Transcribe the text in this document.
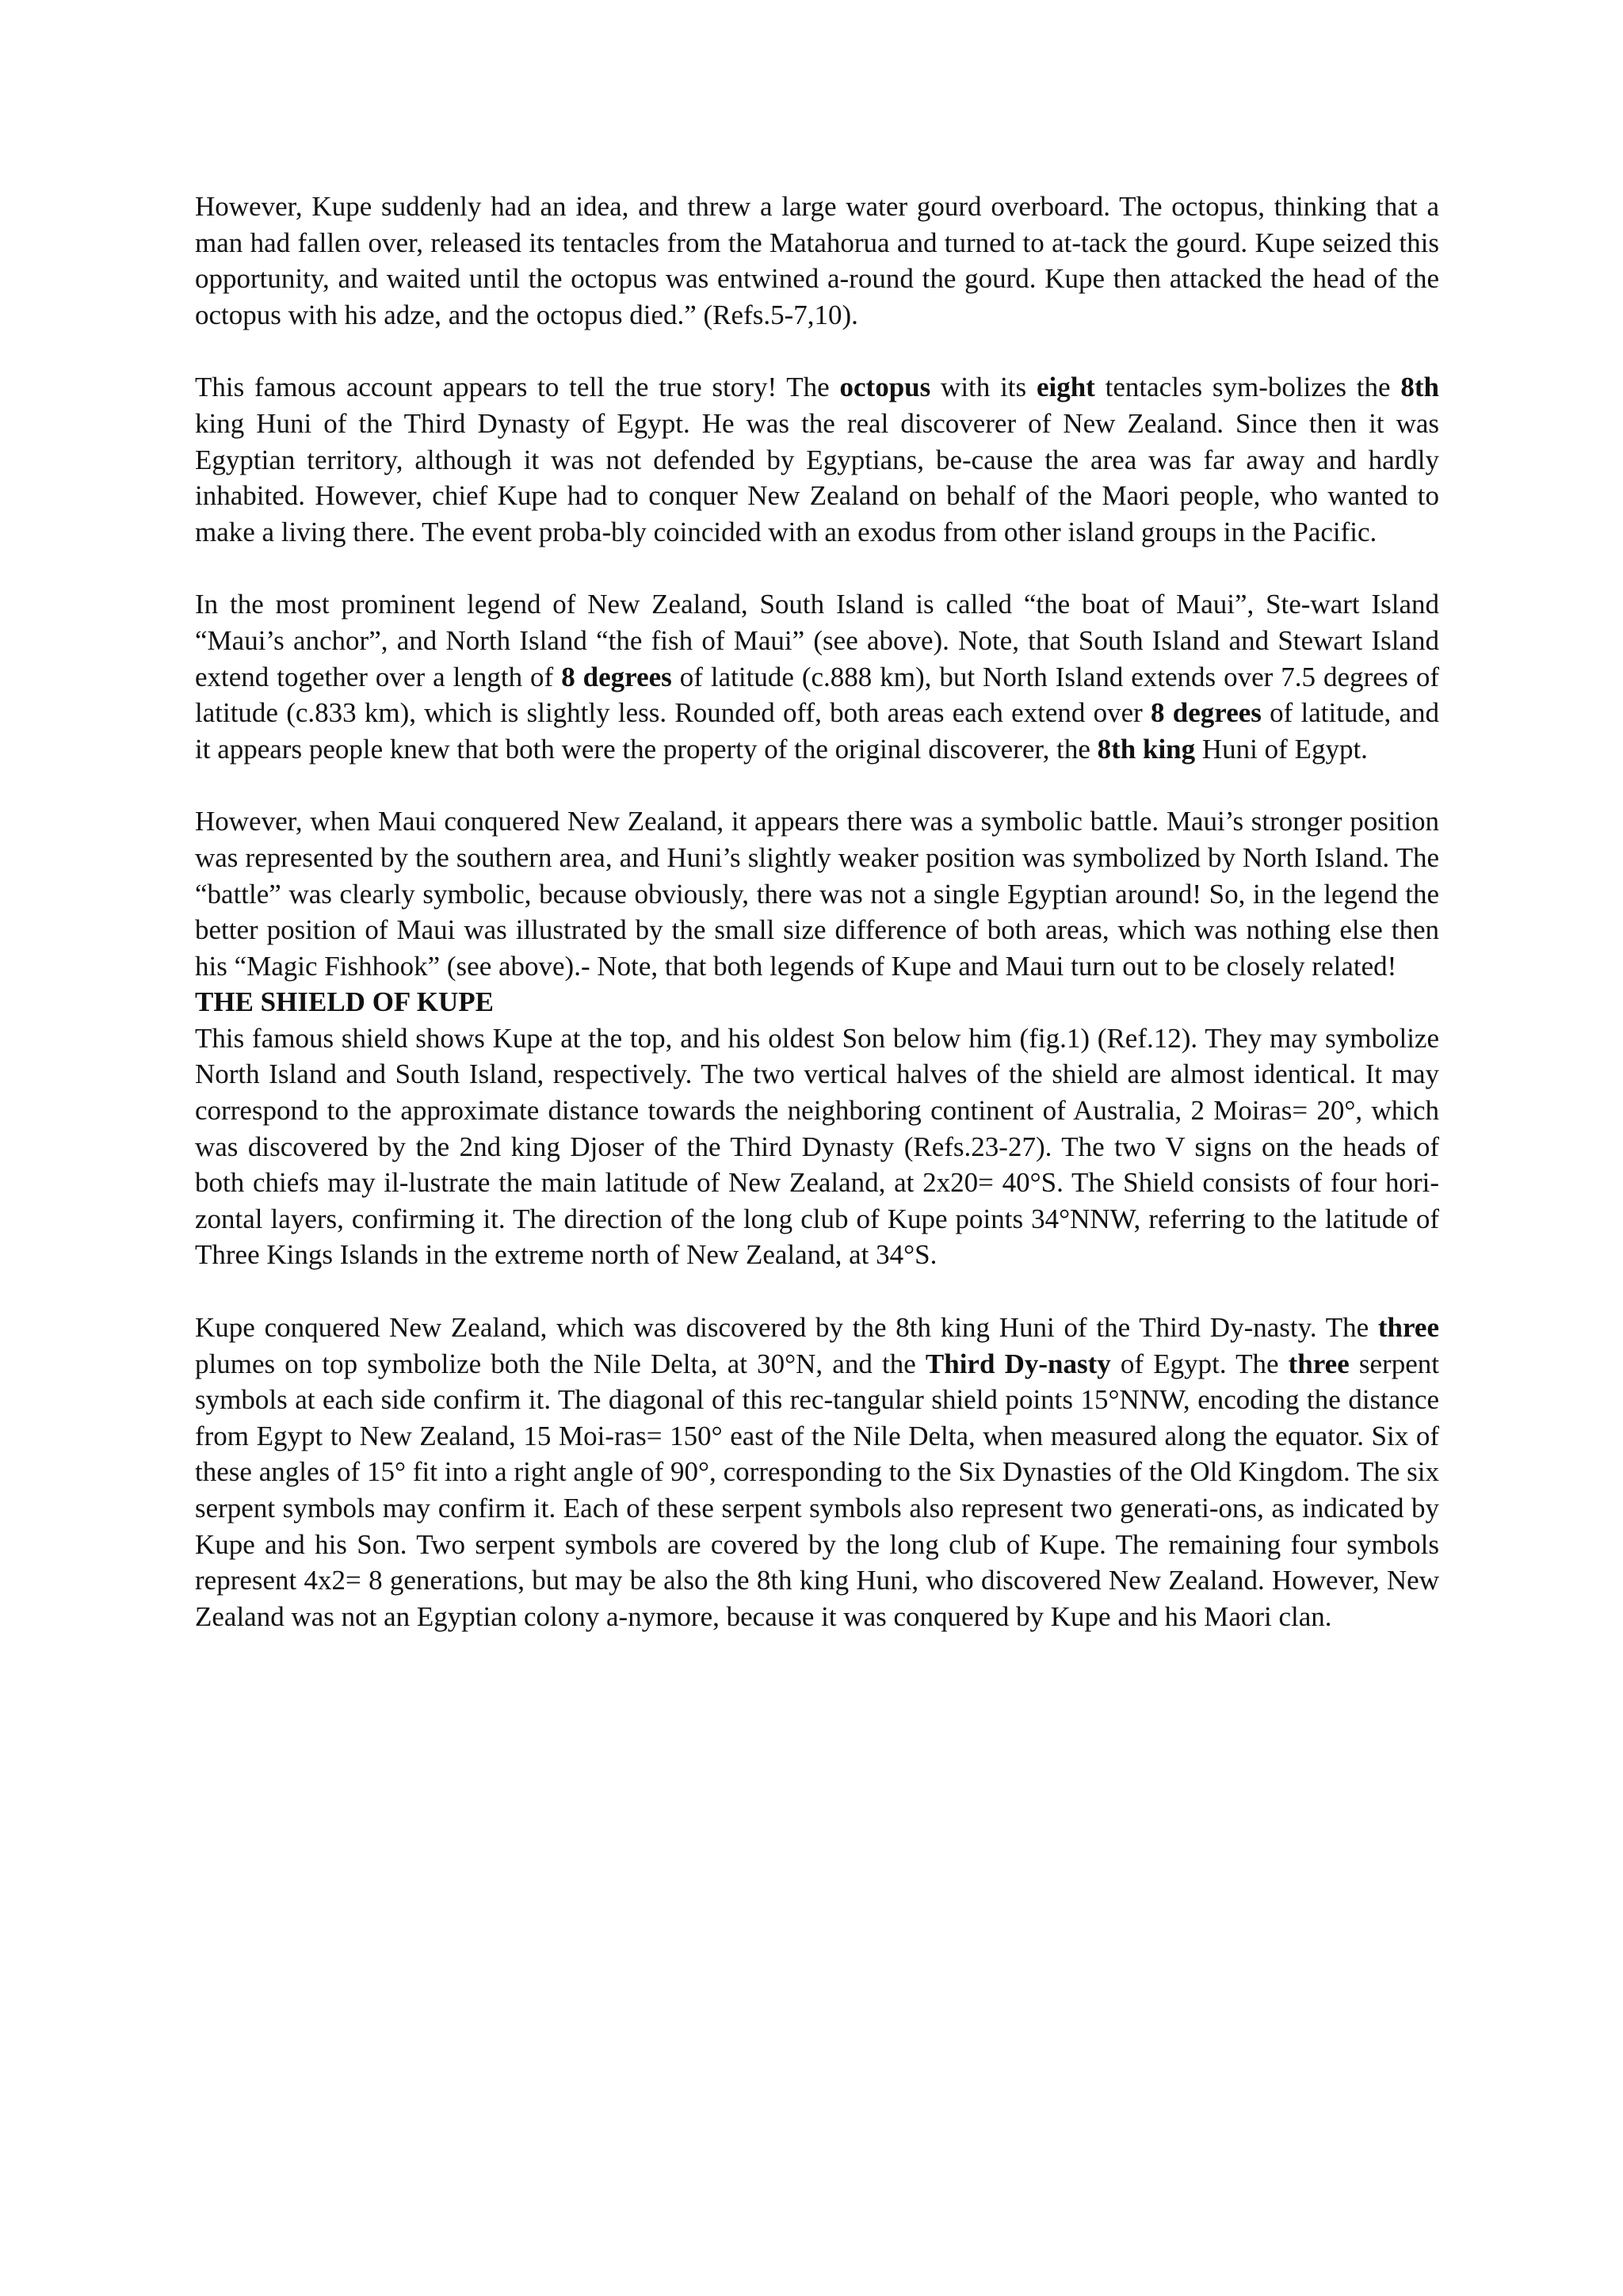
However, Kupe suddenly had an idea, and threw a large water gourd overboard. The octopus, thinking that a man had fallen over, released its tentacles from the Matahorua and turned to at-tack the gourd. Kupe seized this opportunity, and waited until the octopus was entwined a-round the gourd. Kupe then attacked the head of the octopus with his adze, and the octopus died.” (Refs.5-7,10).

This famous account appears to tell the true story! The octopus with its eight tentacles sym-bolizes the 8th king Huni of the Third Dynasty of Egypt. He was the real discoverer of New Zealand. Since then it was Egyptian territory, although it was not defended by Egyptians, be-cause the area was far away and hardly inhabited. However, chief Kupe had to conquer New Zealand on behalf of the Maori people, who wanted to make a living there. The event proba-bly coincided with an exodus from other island groups in the Pacific.

In the most prominent legend of New Zealand, South Island is called “the boat of Maui”, Ste-wart Island “Maui’s anchor”, and North Island “the fish of Maui” (see above). Note, that South Island and Stewart Island extend together over a length of 8 degrees of latitude (c.888 km), but North Island extends over 7.5 degrees of latitude (c.833 km), which is slightly less. Rounded off, both areas each extend over 8 degrees of latitude, and it appears people knew that both were the property of the original discoverer, the 8th king Huni of Egypt.

However, when Maui conquered New Zealand, it appears there was a symbolic battle. Maui’s stronger position was represented by the southern area, and Huni’s slightly weaker position was symbolized by North Island. The “battle” was clearly symbolic, because obviously, there was not a single Egyptian around! So, in the legend the better position of Maui was illustrated by the small size difference of both areas, which was nothing else then his “Magic Fishhook” (see above).- Note, that both legends of Kupe and Maui turn out to be closely related!

THE SHIELD OF KUPE

This famous shield shows Kupe at the top, and his oldest Son below him (fig.1) (Ref.12). They may symbolize North Island and South Island, respectively. The two vertical halves of the shield are almost identical. It may correspond to the approximate distance towards the neighboring continent of Australia, 2 Moiras= 20°, which was discovered by the 2nd king Djoser of the Third Dynasty (Refs.23-27). The two V signs on the heads of both chiefs may il-lustrate the main latitude of New Zealand, at 2x20= 40°S. The Shield consists of four hori-zontal layers, confirming it. The direction of the long club of Kupe points 34°NNW, referring to the latitude of Three Kings Islands in the extreme north of New Zealand, at 34°S.

Kupe conquered New Zealand, which was discovered by the 8th king Huni of the Third Dy-nasty. The three plumes on top symbolize both the Nile Delta, at 30°N, and the Third Dy-nasty of Egypt. The three serpent symbols at each side confirm it. The diagonal of this rec-tangular shield points 15°NNW, encoding the distance from Egypt to New Zealand, 15 Moi-ras= 150° east of the Nile Delta, when measured along the equator. Six of these angles of 15° fit into a right angle of 90°, corresponding to the Six Dynasties of the Old Kingdom. The six serpent symbols may confirm it. Each of these serpent symbols also represent two generati-ons, as indicated by Kupe and his Son. Two serpent symbols are covered by the long club of Kupe. The remaining four symbols represent 4x2= 8 generations, but may be also the 8th king Huni, who discovered New Zealand. However, New Zealand was not an Egyptian colony a-nymore, because it was conquered by Kupe and his Maori clan.
